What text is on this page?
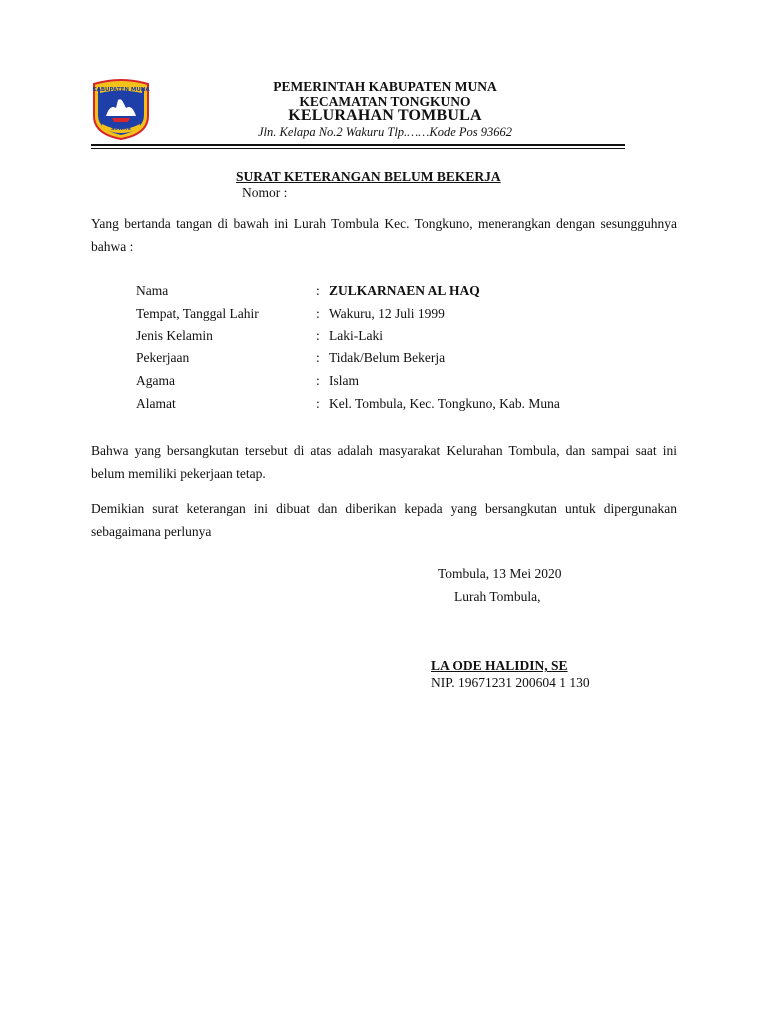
KABUPATEN MUNA
SOWITE

PEMERINTAH KABUPATEN MUNA

KECAMATAN TONGKUNO

KELURAHAN TOMBULA

Jln. Kelapa No.2 Wakuru Tlp.……Kode Pos 93662

SURAT KETERANGAN BELUM BEKERJA
Nomor :

Yang bertanda tangan di bawah ini Lurah Tombula Kec. Tongkuno, menerangkan dengan sesungguhnya bahwa :

Nama	: ZULKARNAEN AL HAQ
Tempat, Tanggal Lahir	: Wakuru, 12 Juli 1999
Jenis Kelamin	: Laki-Laki
Pekerjaan	: Tidak/Belum Bekerja
Agama	: Islam
Alamat	: Kel. Tombula, Kec. Tongkuno, Kab. Muna

Bahwa yang bersangkutan tersebut di atas adalah masyarakat Kelurahan Tombula, dan sampai saat ini belum memiliki pekerjaan tetap.

Demikian surat keterangan ini dibuat dan diberikan kepada yang bersangkutan untuk dipergunakan sebagaimana perlunya

Tombula, 13 Mei 2020
Lurah Tombula,
LA ODE HALIDIN, SE
NIP. 19671231 200604 1 130
